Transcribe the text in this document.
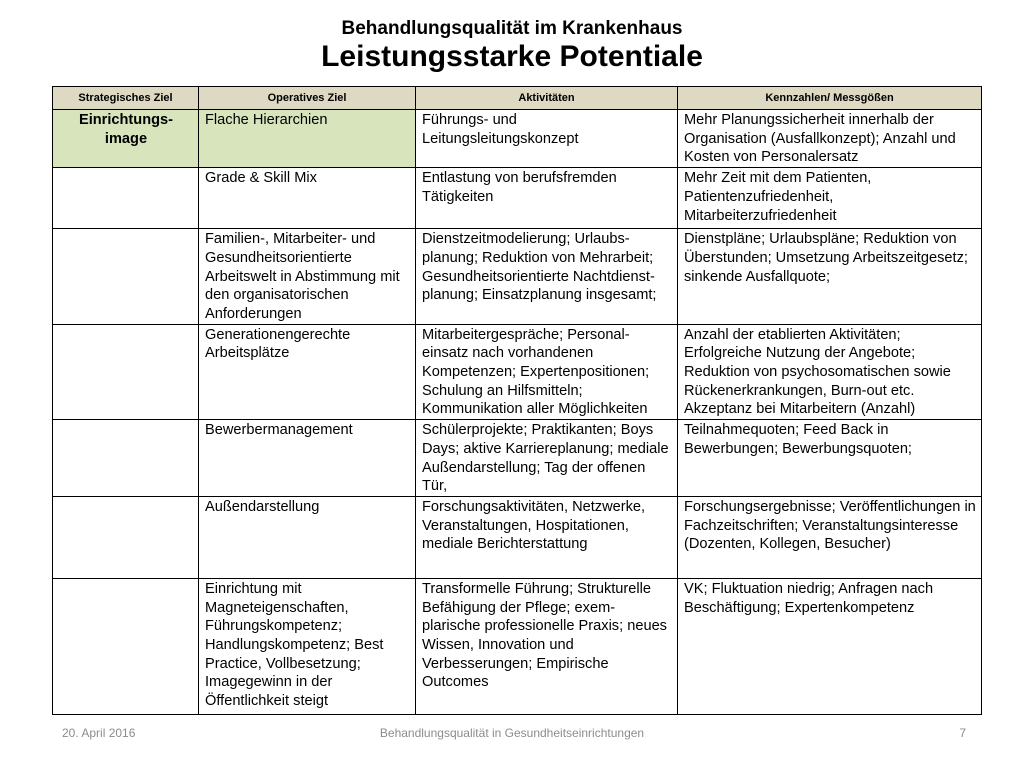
Behandlungsqualität im Krankenhaus
Leistungsstarke Potentiale
Strategisches Ziel	Operatives Ziel	Aktivitäten	Kennzahlen/ Messgößen
Einrichtungs-image	Flache Hierarchien	Führungs- und Leitungsleitungskonzept	Mehr Planungssicherheit innerhalb der Organisation (Ausfallkonzept); Anzahl und Kosten von Personalersatz
	Grade & Skill Mix	Entlastung von berufsfremden Tätigkeiten	Mehr Zeit mit dem Patienten, Patientenzufriedenheit, Mitarbeiterzufriedenheit
	Familien-, Mitarbeiter- und Gesundheitsorientierte Arbeitswelt in Abstimmung mit den organisatorischen Anforderungen	Dienstzeitmodelierung; Urlaubs-planung; Reduktion von Mehrarbeit; Gesundheitsorientierte Nachtdienst-planung; Einsatzplanung insgesamt;	Dienstpläne; Urlaubspläne; Reduktion von Überstunden; Umsetzung Arbeitszeitgesetz; sinkende Ausfallquote;
	Generationengerechte Arbeitsplätze	Mitarbeitergespräche; Personal-einsatz nach vorhandenen Kompetenzen; Expertenpositionen; Schulung an Hilfsmitteln; Kommunikation aller Möglichkeiten	Anzahl der etablierten Aktivitäten; Erfolgreiche Nutzung der Angebote; Reduktion von psychosomatischen sowie Rückenerkrankungen, Burn-out etc. Akzeptanz bei Mitarbeitern (Anzahl)
	Bewerbermanagement	Schülerprojekte; Praktikanten; Boys Days; aktive Karriereplanung; mediale Außendarstellung; Tag der offenen Tür,	Teilnahmequoten; Feed Back in Bewerbungen; Bewerbungsquoten;
	Außendarstellung	Forschungsaktivitäten, Netzwerke, Veranstaltungen, Hospitationen, mediale Berichterstattung	Forschungsergebnisse; Veröffentlichungen in Fachzeitschriften; Veranstaltungsinteresse (Dozenten, Kollegen, Besucher)
	Einrichtung mit Magneteigenschaften, Führungskompetenz; Handlungskompetenz; Best Practice, Vollbesetzung; Imagegewinn in der Öffentlichkeit steigt	Transformelle Führung; Strukturelle Befähigung der Pflege; exem-plarische professionelle Praxis; neues Wissen, Innovation und Verbesserungen; Empirische Outcomes	VK; Fluktuation niedrig; Anfragen nach Beschäftigung; Expertenkompetenz
20. April 2016	Behandlungsqualität in Gesundheitseinrichtungen	7
